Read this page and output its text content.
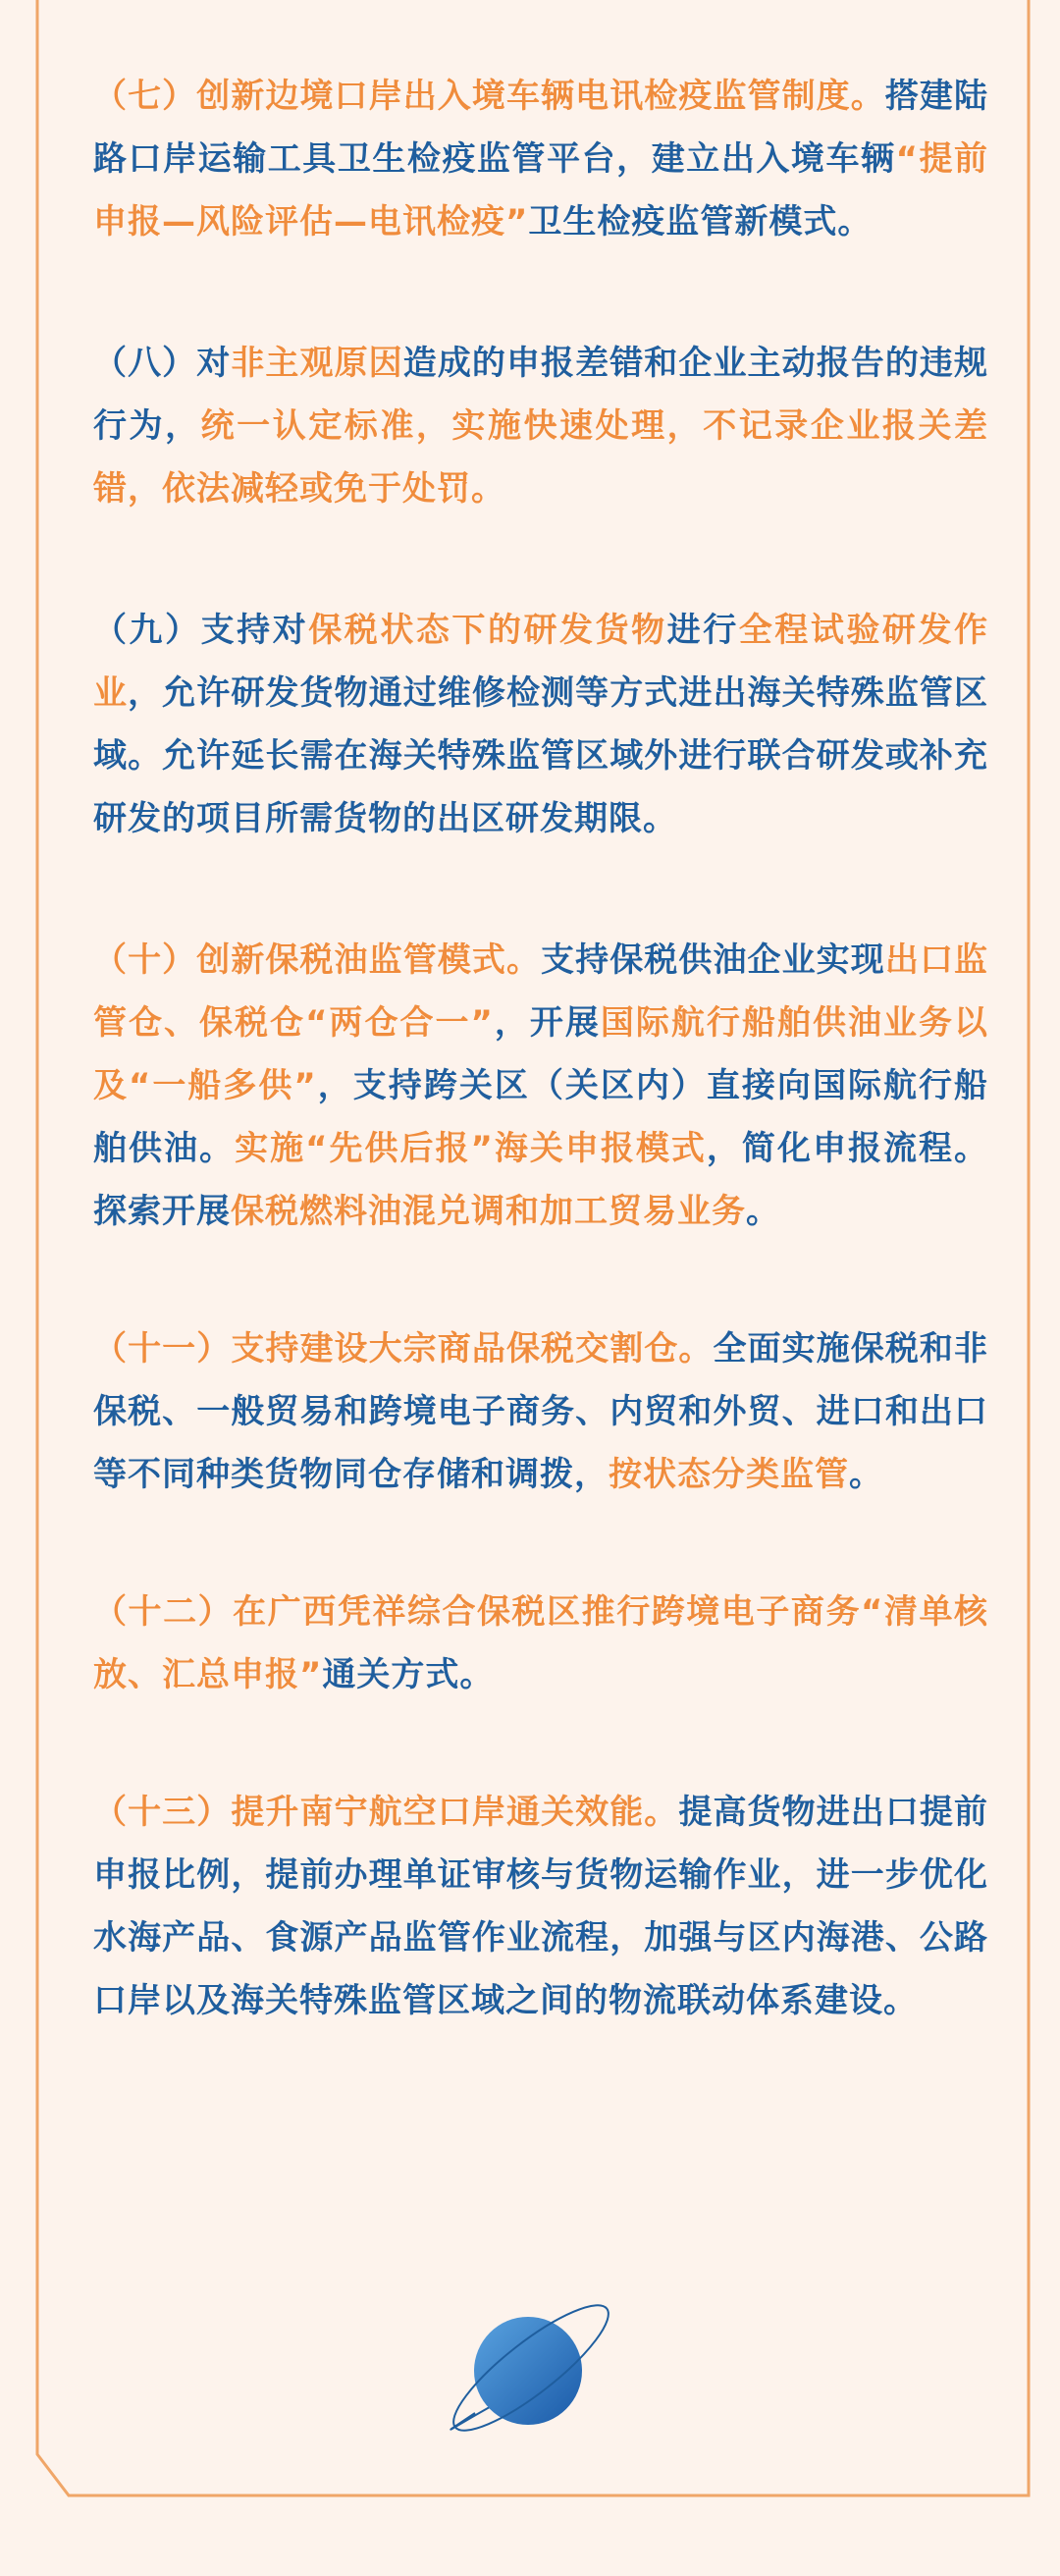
（七）创新边境口岸出入境车辆电讯检疫监管制度。搭建陆路口岸运输工具卫生检疫监管平台，建立出入境车辆“提前申报—风险评估—电讯检疫”卫生检疫监管新模式。

（八）对非主观原因造成的申报差错和企业主动报告的违规行为，统一认定标准，实施快速处理，不记录企业报关差错，依法减轻或免于处罚。

（九）支持对保税状态下的研发货物进行全程试验研发作业，允许研发货物通过维修检测等方式进出海关特殊监管区域。允许延长需在海关特殊监管区域外进行联合研发或补充研发的项目所需货物的出区研发期限。

（十）创新保税油监管模式。支持保税供油企业实现出口监管仓、保税仓“两仓合一”，开展国际航行船舶供油业务以及“一船多供”，支持跨关区（关区内）直接向国际航行船舶供油。实施“先供后报”海关申报模式，简化申报流程。探索开展保税燃料油混兑调和加工贸易业务。

（十一）支持建设大宗商品保税交割仓。全面实施保税和非保税、一般贸易和跨境电子商务、内贸和外贸、进口和出口等不同种类货物同仓存储和调拨，按状态分类监管。

（十二）在广西凭祥综合保税区推行跨境电子商务“清单核放、汇总申报”通关方式。

（十三）提升南宁航空口岸通关效能。提高货物进出口提前申报比例，提前办理单证审核与货物运输作业，进一步优化水海产品、食源产品监管作业流程，加强与区内海港、公路口岸以及海关特殊监管区域之间的物流联动体系建设。
